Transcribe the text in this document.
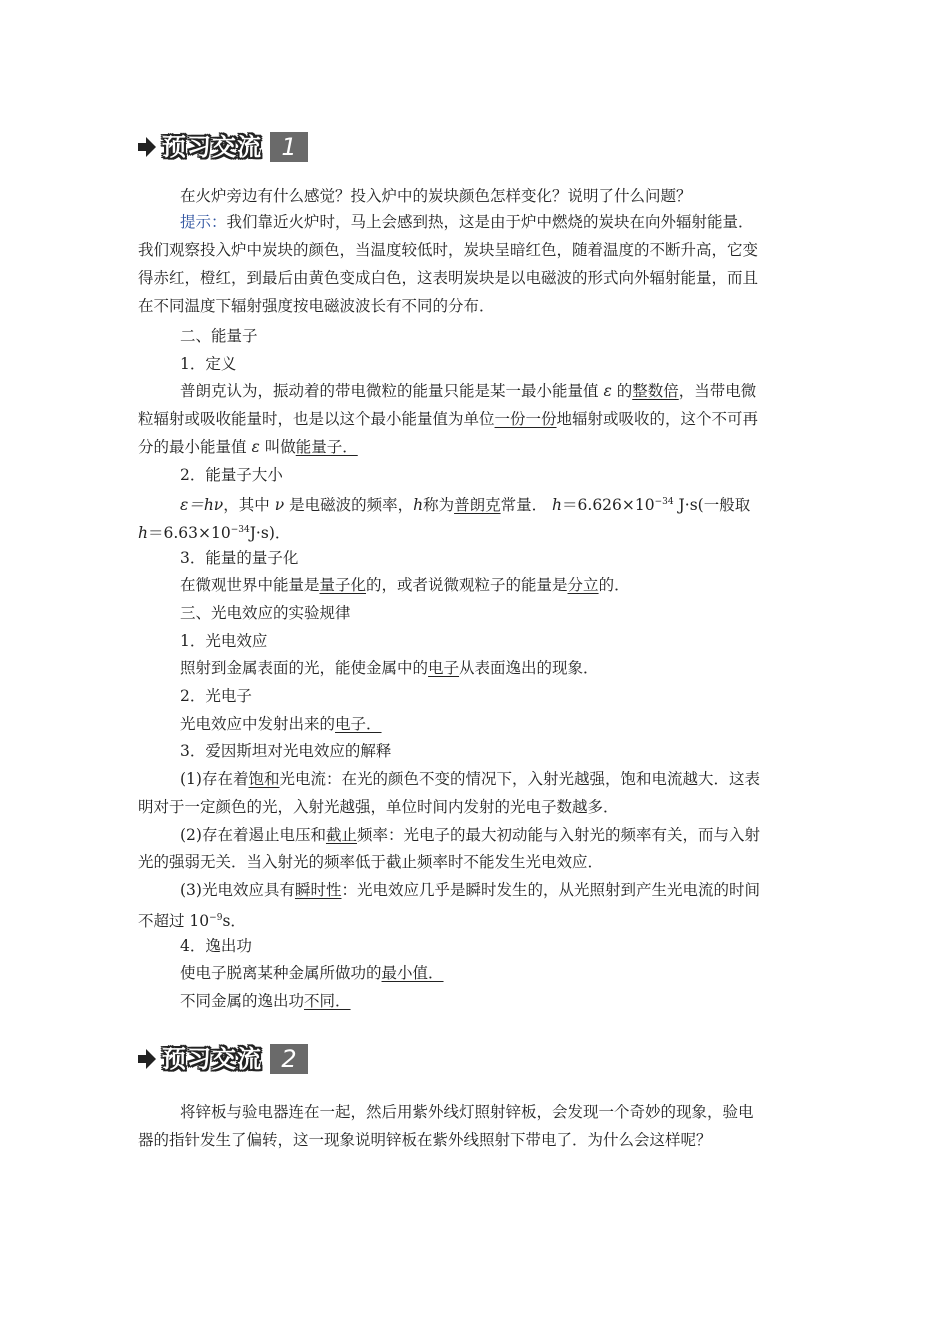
预习交流 1
在火炉旁边有什么感觉？投入炉中的炭块颜色怎样变化？说明了什么问题？
提示：我们靠近火炉时，马上会感到热，这是由于炉中燃烧的炭块在向外辐射能量．
我们观察投入炉中炭块的颜色，当温度较低时，炭块呈暗红色，随着温度的不断升高，它变
得赤红，橙红，到最后由黄色变成白色，这表明炭块是以电磁波的形式向外辐射能量，而且
在不同温度下辐射强度按电磁波波长有不同的分布．
二、能量子
1．定义
普朗克认为，振动着的带电微粒的能量只能是某一最小能量值 ε 的整数倍，当带电微
粒辐射或吸收能量时，也是以这个最小能量值为单位一份一份地辐射或吸收的，这个不可再
分的最小能量值 ε 叫做能量子．
2．能量子大小
ε＝hν，其中 ν 是电磁波的频率，h称为普朗克常量． $h=6.626\times 10^{-34}$ J·s(一般取
$h=6.63\times 10^{-34}J\cdot s$)．
3．能量的量子化
在微观世界中能量是量子化的，或者说微观粒子的能量是分立的．
三、光电效应的实验规律
1．光电效应
照射到金属表面的光，能使金属中的电子从表面逸出的现象．
2．光电子
光电效应中发射出来的电子．
3．爱因斯坦对光电效应的解释
(1)存在着饱和光电流：在光的颜色不变的情况下，入射光越强，饱和电流越大．这表
明对于一定颜色的光，入射光越强，单位时间内发射的光电子数越多．
(2)存在着遏止电压和截止频率：光电子的最大初动能与入射光的频率有关，而与入射
光的强弱无关．当入射光的频率低于截止频率时不能发生光电效应．
(3)光电效应具有瞬时性：光电效应几乎是瞬时发生的，从光照射到产生光电流的时间
不超过 $10^{-9}s$．
4．逸出功
使电子脱离某种金属所做功的最小值．
不同金属的逸出功不同．
预习交流 2
将锌板与验电器连在一起，然后用紫外线灯照射锌板，会发现一个奇妙的现象，验电
器的指针发生了偏转，这一现象说明锌板在紫外线照射下带电了．为什么会这样呢？
